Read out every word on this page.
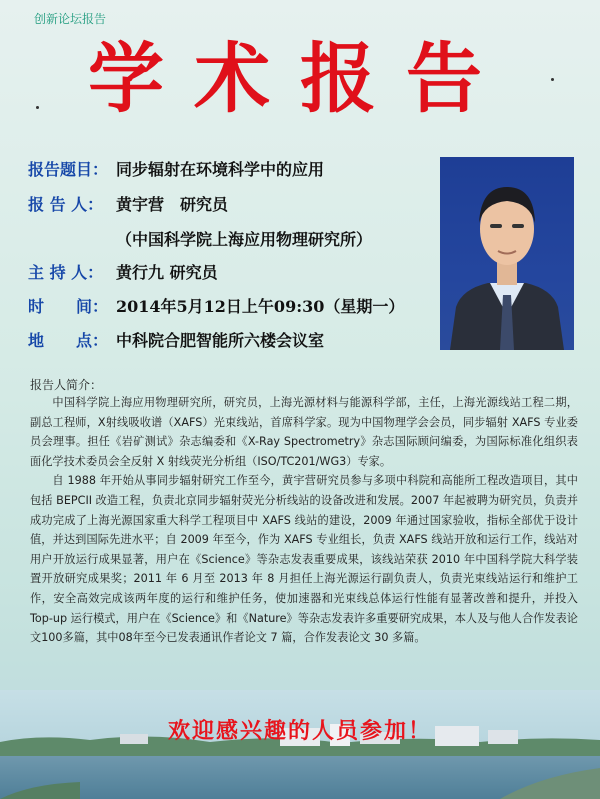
创新论坛报告
学术报告
报告题目： 同步辐射在环境科学中的应用
报 告 人： 黄宇营　研究员
（中国科学院上海应用物理研究所）
主 持 人： 黄行九 研究员
时　　间： 2014年5月12日上午09:30（星期一）
地　　点： 中科院合肥智能所六楼会议室
报告人简介：

中国科学院上海应用物理研究所，研究员，上海光源材料与能源科学部，主任，上海光源线站工程二期，副总工程师，X射线吸收谱（XAFS）光束线站，首席科学家。现为中国物理学会会员，同步辐射 XAFS 专业委员会理事。担任《岩矿测试》杂志编委和《X-Ray Spectrometry》杂志国际顾问编委，为国际标准化组织表面化学技术委员会全反射 X 射线荧光分析组（ISO/TC201/WG3）专家。

自 1988 年开始从事同步辐射研究工作至今，黄宇营研究员参与多项中科院和高能所工程改造项目，其中包括 BEPCII 改造工程，负责北京同步辐射荧光分析线站的设备改进和发展。2007 年起被聘为研究员，负责并成功完成了上海光源国家重大科学工程项目中 XAFS 线站的建设，2009 年通过国家验收，指标全部优于设计值，并达到国际先进水平；自 2009 年至今，作为 XAFS 专业组长，负责 XAFS 线站开放和运行工作，线站对用户开放运行成果显著，用户在《Science》等杂志发表重要成果，该线站荣获 2010 年中国科学院大科学装置开放研究成果奖；2011 年 6 月至 2013 年 8 月担任上海光源运行副负责人，负责光束线站运行和维护工作，安全高效完成该两年度的运行和维护任务，使加速器和光束线总体运行性能有显著改善和提升，并投入 Top-up 运行模式，用户在《Science》和《Nature》等杂志发表许多重要研究成果，本人及与他人合作发表论文100多篇，其中08年至今已发表通讯作者论文 7 篇，合作发表论文 30 多篇。

欢迎感兴趣的人员参加！
